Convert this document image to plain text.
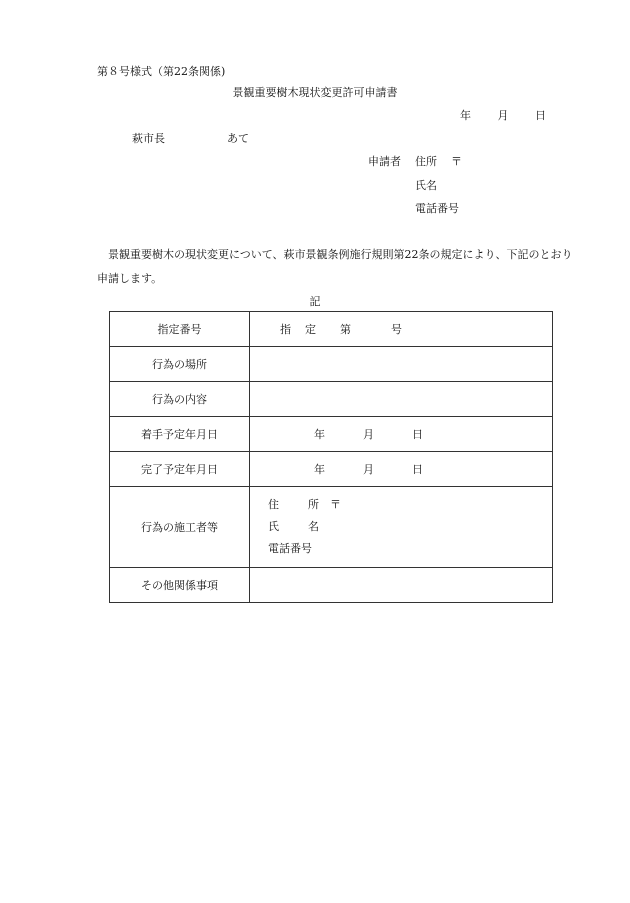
第８号様式（第22条関係)
景観重要樹木現状変更許可申請書
年 月 日
萩市長	あて
申請者 住所 〒
氏名
電話番号
景観重要樹木の現状変更について、萩市景観条例施行規則第22条の規定により、下記のとおり申請します。
記
指定番号	指 定 第 号
行為の場所	
行為の内容	
着手予定年月日	年 月 日
完了予定年月日	年 月 日
行為の施工者等	住 所 〒
氏 名
電話番号

その他関係事項	
